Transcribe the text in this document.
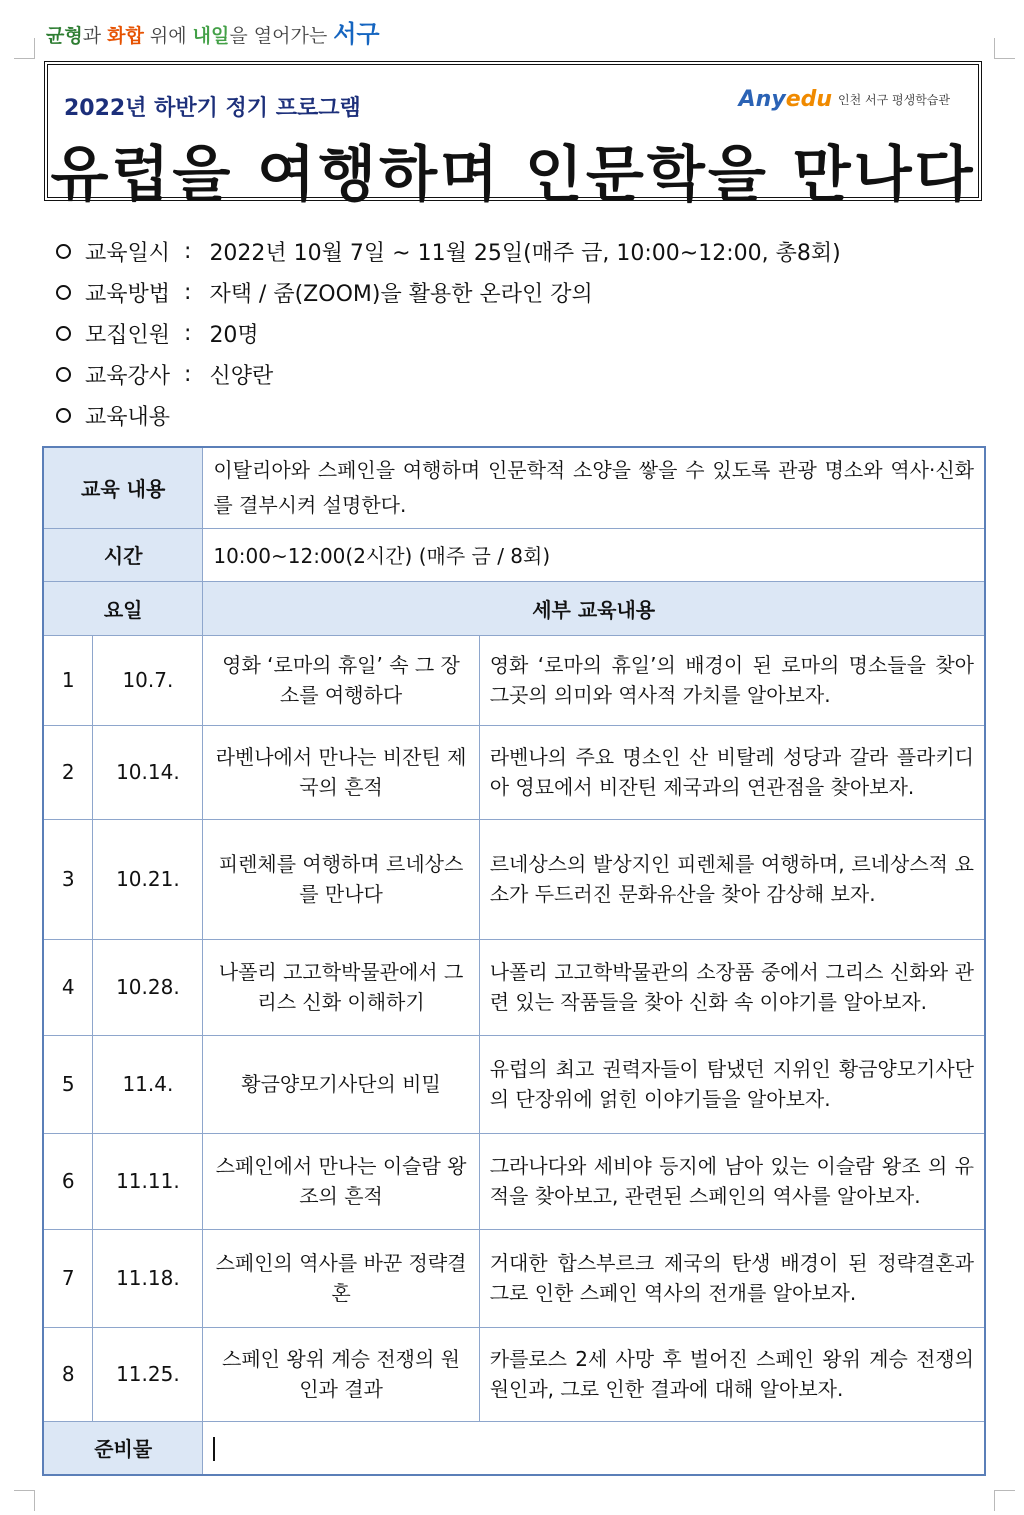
균형과 화합 위에 내일을 열어가는 서구
2022년 하반기 정기 프로그램	Anyedu 인천 서구 평생학습관
유럽을 여행하며 인문학을 만나다
교육일시 : 2022년 10월 7일 ~ 11월 25일(매주 금, 10:00~12:00, 총8회)
교육방법 : 자택 / 줌(ZOOM)을 활용한 온라인 강의
모집인원 : 20명
교육강사 : 신양란
교육내용
교육 내용		이탈리아와 스페인을 여행하며 인문학적 소양을 쌓을 수 있도록 관광 명소와 역사·신화를 결부시켜 설명한다.	
시간		10:00~12:00(2시간) (매주 금 / 8회)	
요일		세부 교육내용	
1	10.7.	영화 ‘로마의 휴일’ 속 그 장소를 여행하다	영화 ‘로마의 휴일’의 배경이 된 로마의 명소들을 찾아 그곳의 의미와 역사적 가치를 알아보자.
2	10.14.	라벤나에서 만나는 비잔틴 제국의 흔적	라벤나의 주요 명소인 산 비탈레 성당과 갈라 플라키디아 영묘에서 비잔틴 제국과의 연관점을 찾아보자.
3	10.21.	피렌체를 여행하며 르네상스를 만나다	르네상스의 발상지인 피렌체를 여행하며, 르네상스적 요소가 두드러진 문화유산을 찾아 감상해 보자.
4	10.28.	나폴리 고고학박물관에서 그리스 신화 이해하기	나폴리 고고학박물관의 소장품 중에서 그리스 신화와 관련 있는 작품들을 찾아 신화 속 이야기를 알아보자.
5	11.4.	황금양모기사단의 비밀	유럽의 최고 권력자들이 탐냈던 지위인 황금양모기사단의 단장위에 얽힌 이야기들을 알아보자.
6	11.11.	스페인에서 만나는 이슬람 왕조의 흔적	그라나다와 세비야 등지에 남아 있는 이슬람 왕조 의 유적을 찾아보고, 관련된 스페인의 역사를 알아보자.
7	11.18.	스페인의 역사를 바꾼 정략결혼	거대한 합스부르크 제국의 탄생 배경이 된 정략결혼과 그로 인한 스페인 역사의 전개를 알아보자.
8	11.25.	스페인 왕위 계승 전쟁의 원인과 결과	카를로스 2세 사망 후 벌어진 스페인 왕위 계승 전쟁의 원인과, 그로 인한 결과에 대해 알아보자.
준비물			
